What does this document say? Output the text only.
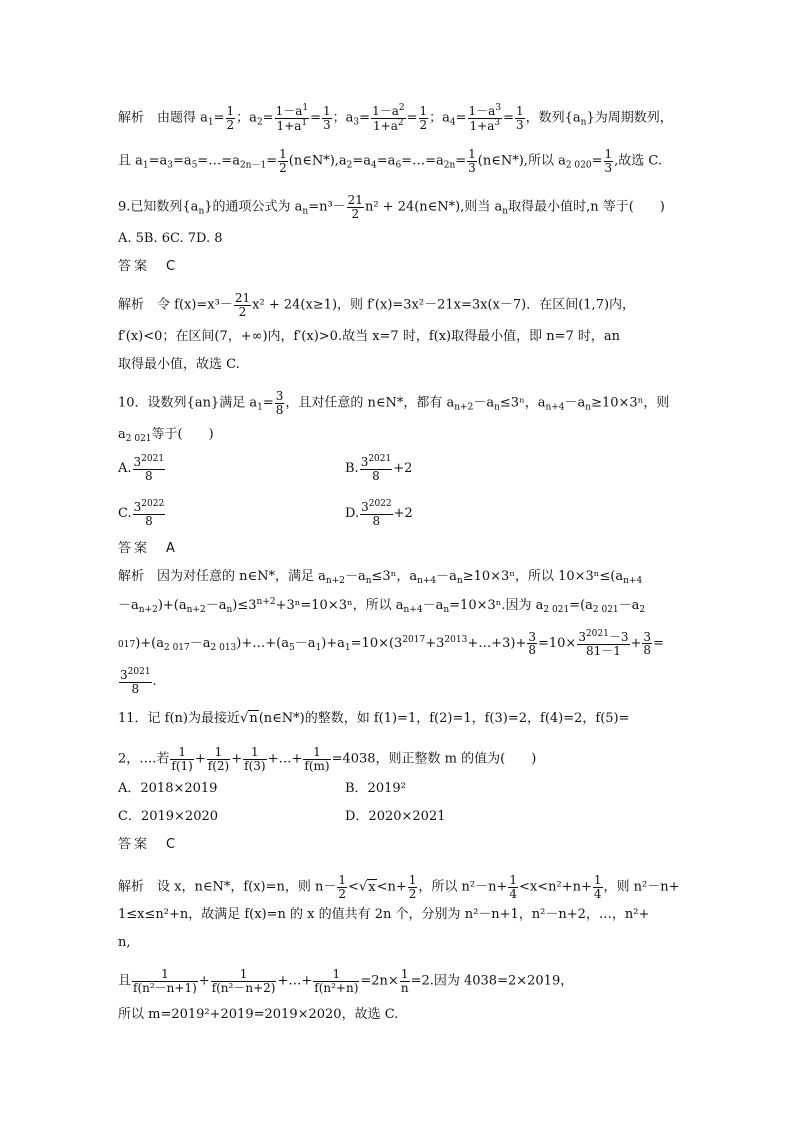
解析　由题得 $a_1= \frac{1}{2}$ ；$a_2= \frac{1-a^1}{1+a^1} = \frac{1}{3}$ ；$a_3= \frac{1-a^2}{1+a^2} = \frac{1}{2}$ ；$a_4= \frac{1-a^3}{1+a^3} = \frac{1}{3}$ ，数列$\{a_n\}$为周期数列，
且 $a_1=a_3=a_5=\dots=a_{2n-1}= \frac{1}{2}$ $(n\in N*),a_2=a_4=a_6=\dots=a_{2n}= \frac{1}{3}$ (n∈N*),所以 $a_{2 020}= \frac{1}{3}$ ,故选 C.
9.已知数列$\{a_n\}$的通项公式为 $a_n=n^3- \frac{21}{2} n^2$ + 24(n∈N*),则当 $a_n$取得最小值时,n 等于(　　)
A. 5B. 6C. 7D. 8
答案　C
解析　令 $f(x)=x^3- \frac{21}{2} x^2 + 24(x\ge 1)$，则 f′(x)=3x²－21x=3x(x－7)．在区间(1,7)内，
f′(x)<0；在区间(7，+∞)内，f′(x)>0.故当 x=7 时，f(x)取得最小值，即 n=7 时，an
取得最小值，故选 C.
10．设数列{an}满足 $a_1= \frac{3}{8}$ ，且对任意的 n∈N*，都有 $a_{n+2}-a_n\le 3^n$，$a_{n+4}-a_n\ge 10\times 3^n$，则
$a_{2 021}$等于(　　)
A. $\frac{3^{2021}}{8}$	B. $\frac{3^{2021}}{8} +2$
C. $\frac{3^{2022}}{8}$	D. $\frac{3^{2022}}{8} +2$
答案　A
解析　因为对任意的 n∈N*，满足 $a_{n+2}-a_n\le 3^n$，$a_{n+4}-a_n\ge 10\times 3^n$，所以 $10\times 3^n\le(a_{n+4}$
$-a_{n+2})+(a_{n+2}-a_n)\le 3^{n+2}+3^n=10\times 3^n$，所以 $a_{n+4}-a_n=10\times 3^n$.因为 $a_{2 021}=(a_{2 021}-a_2$
$017)+(a_{2 017}-a_{2 013})+\dots+(a_5-a_1)+a_1=10\times(3^{2017}+3^{2013}+\dots+3)+ \frac{3}{8} =10\times \frac{3^{2021}-3}{81-1} + \frac{3}{8}$ =
$\frac{3^{2021}}{8}$ .
11．记 f(n)为最接近√n(n∈N*)的整数，如 f(1)=1，f(2)=1，f(3)=2，f(4)=2，f(5)=
2，….若 $\frac{1}{f(1)} + \frac{1}{f(2)} + \frac{1}{f(3)}$ +…+ $\frac{1}{f(m)} =4038$，则正整数 m 的值为(　　)
A．2018×2019	B．2019²
C．2019×2020	D．2020×2021
答案　C
解析　设 x，n∈N*，f(x)=n，则 $n- \frac{1}{2} <√x<n+ \frac{1}{2}$ ，所以 $n^2-n+ \frac{1}{4} <x<n^2+n+ \frac{1}{4}$ ，则 n²－n+
1≤x≤n²+n，故满足 f(x)=n 的 x 的值共有 2n 个，分别为 n²－n+1，n²－n+2，…，n²+
n,
且 $\frac{1}{\text{f(n²－n+1)}} + \frac{1}{\text{f(n²－n+2)}}$ +…+ $\frac{1}{\text{f(n²+n)}} =2n\times \frac{1}{n} =2$.因为 4038=2×2019，
所以 m=2019²+2019=2019×2020，故选 C.
